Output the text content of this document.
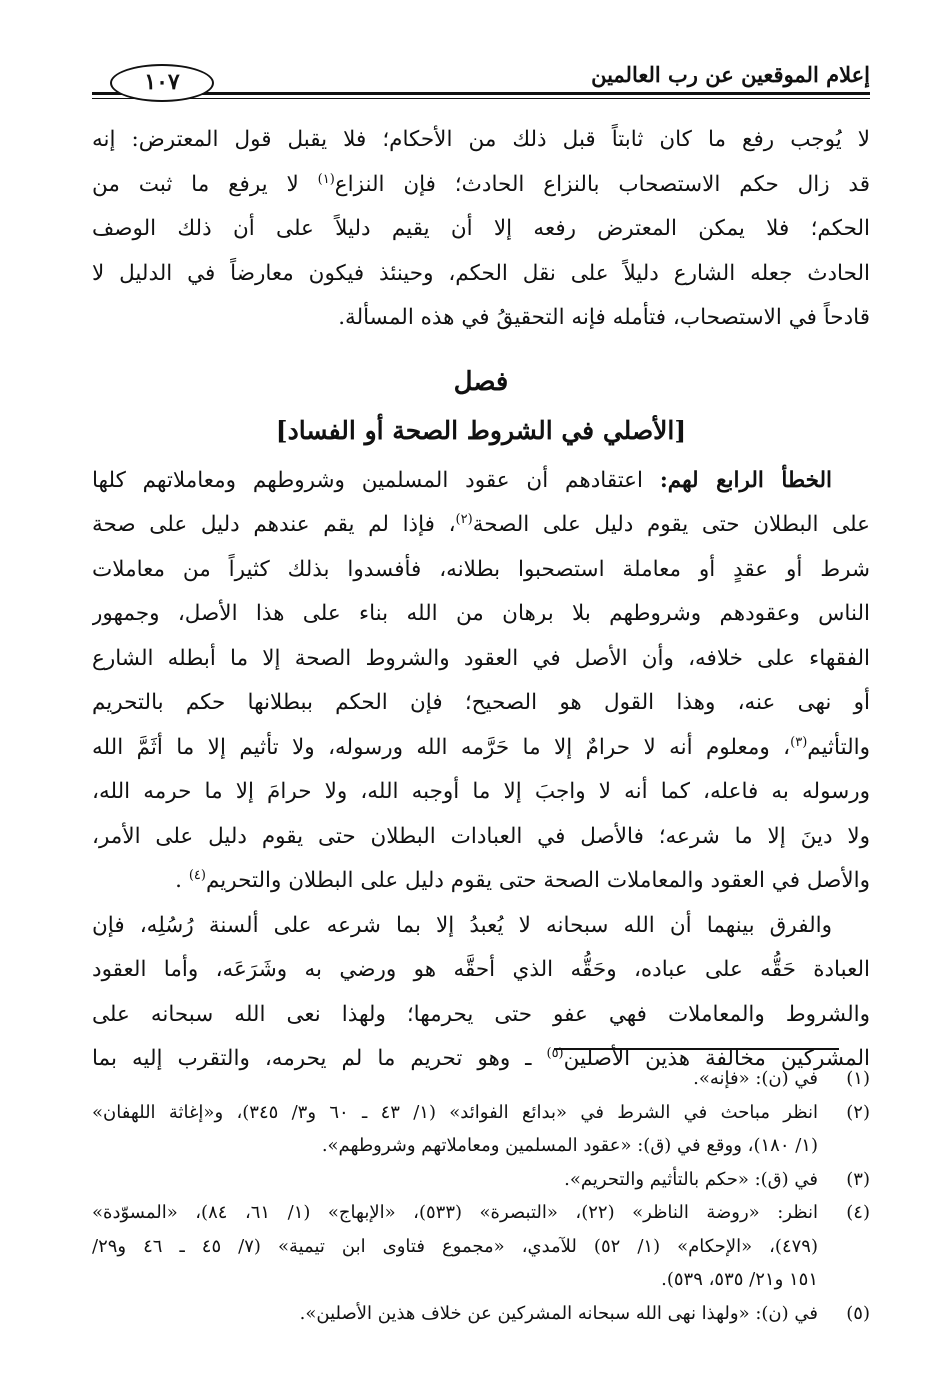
إعلام الموقعين عن رب العالمين
١٠٧
لا يُوجب رفع ما كان ثابتاً قبل ذلك من الأحكام؛ فلا يقبل قول المعترض: إنه
قد زال حكم الاستصحاب بالنزاع الحادث؛ فإن النزاع$^{(١)}$ لا يرفع ما ثبت من
الحكم؛ فلا يمكن المعترض رفعه إلا أن يقيم دليلاً على أن ذلك الوصف
الحادث جعله الشارع دليلاً على نقل الحكم، وحينئذ فيكون معارضاً في الدليل لا
قادحاً في الاستصحاب، فتأمله فإنه التحقيقُ في هذه المسألة.
فصل
[الأصلي في الشروط الصحة أو الفساد]
الخطأ الرابع لهم: اعتقادهم أن عقود المسلمين وشروطهم ومعاملاتهم كلها
على البطلان حتى يقوم دليل على الصحة$^{(٢)}$، فإذا لم يقم عندهم دليل على صحة
شرط أو عقدٍ أو معاملة استصحبوا بطلانه، فأفسدوا بذلك كثيراً من معاملات
الناس وعقودهم وشروطهم بلا برهان من الله بناء على هذا الأصل، وجمهور
الفقهاء على خلافه، وأن الأصل في العقود والشروط الصحة إلا ما أبطله الشارع
أو نهى عنه، وهذا القول هو الصحيح؛ فإن الحكم ببطلانها حكم بالتحريم
والتأثيم$^{(٣)}$، ومعلوم أنه لا حرامٌ إلا ما حَرَّمه الله ورسوله، ولا تأثيم إلا ما أثَمَّ الله
ورسوله به فاعله، كما أنه لا واجبَ إلا ما أوجبه الله، ولا حرامَ إلا ما حرمه الله،
ولا دينَ إلا ما شرعه؛ فالأصل في العبادات البطلان حتى يقوم دليل على الأمر،
والأصل في العقود والمعاملات الصحة حتى يقوم دليل على البطلان والتحريم$^{(٤)}$ .
والفرق بينهما أن الله سبحانه لا يُعبدُ إلا بما شرعه على ألسنة رُسُلِه، فإن
العبادة حَقُّه على عباده، وحَقُّه الذي أحقَّه هو ورضي به وشَرَعَه، وأما العقود
والشروط والمعاملات فهي عفو حتى يحرمها؛ ولهذا نعى الله سبحانه على
المشركين مخالفة هذين الأصلين$^{(٥)}$ ـ وهو تحريم ما لم يحرمه، والتقرب إليه بما
(١)
في (ن): «فإنه».
(٢)
انظر مباحث في الشرط في «بدائع الفوائد» (١/ ٤٣ ـ ٦٠ و٣/ ٣٤٥)، و«إغاثة اللهفان»
(١/ ١٨٠)، ووقع في (ق): «عقود المسلمين ومعاملاتهم وشروطهم».
(٣)
في (ق): «حكم بالتأثيم والتحريم».
(٤)
انظر: «روضة الناظر» (٢٢)، «التبصرة» (٥٣٣)، «الإبهاج» (١/ ٦١، ٨٤)، «المسوّدة»
(٤٧٩)، «الإحكام» (١/ ٥٢) للآمدي، «مجموع فتاوى ابن تيمية» (٧/ ٤٥ ـ ٤٦ و٢٩/
١٥١ و٢١/ ٥٣٥، ٥٣٩).
(٥)
في (ن): «ولهذا نهى الله سبحانه المشركين عن خلاف هذين الأصلين».
